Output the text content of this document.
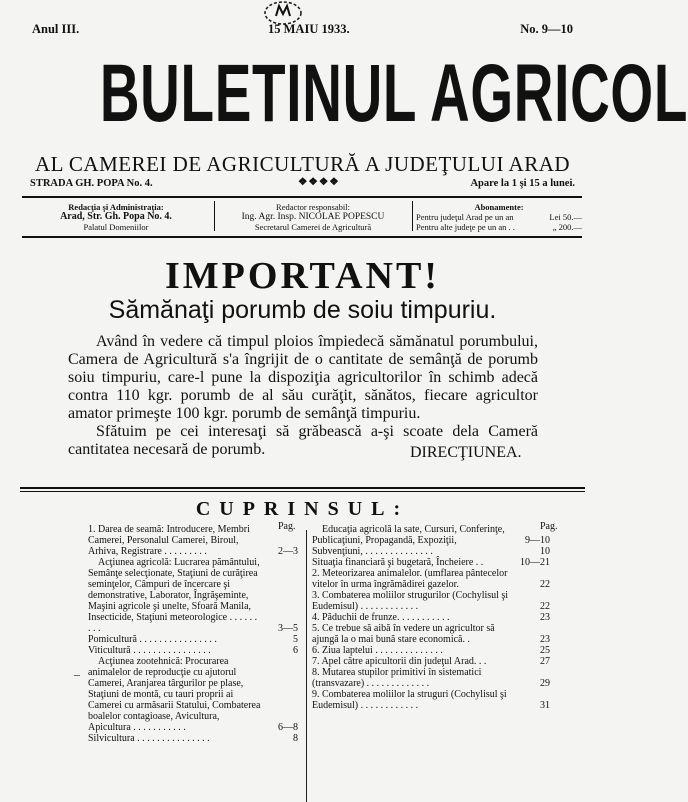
Anul III.	15 MAIU 1933.	No. 9—10
BULETINUL AGRICOL
AL CAMEREI DE AGRICULTURĂ A JUDEŢULUI ARAD
STRADA GH. POPA No. 4.	❖❖❖❖	Apare la 1 şi 15 a lunei.
Redacţia şi Administraţia:
Arad, Str. Gh. Popa No. 4.
Palatul Domeniilor
Redactor responsabil:
Ing. Agr. Insp. NICOLAE POPESCU
Secretarul Camerei de Agricultură
Abonamente:
Pentru judeţul Arad pe un an	Lei 50.—
Pentru alte judeţe pe un an . .	„ 200.—
IMPORTANT!
Sămănaţi porumb de soiu timpuriu.

Având în vedere că timpul ploios împiedecă sămănatul porumbului, Camera de Agricultură s'a îngrijit de o cantitate de semânţă de porumb soiu timpuriu, care-l pune la dispoziţia agricultorilor în schimb adecă contra 110 kgr. porumb de al său curăţit, sănătos, fiecare agricultor amator primeşte 100 kgr. porumb de semânţă timpuriu.

Sfătuim pe cei interesaţi să grăbească a-şi scoate dela Cameră cantitatea necesară de porumb.	DIRECŢIUNEA.
CUPRINSUL:
Pag.	Pag.
–
1. Darea de seamă: Introducere, Membri Camerei, Personalul Camerei, Biroul, Arhiva, Registrare . . . . . . . . .	2—3
Acţiunea agricolă: Lucrarea pământului, Semânţe selecţionate, Staţiuni de curăţirea seminţelor, Câmpuri de încercare şi demonstrative, Laborator, Îngrăşeminte, Maşini agricole şi unelte, Sfoară Manila, Insecticide, Staţiuni meteorologice . . . . . . . . .	3—5
Pomicultură . . . . . . . . . . . . . . . .	5
Viticultură . . . . . . . . . . . . . . . .	6
Acţiunea zootehnică: Procurarea animalelor de reproducţie cu ajutorul Camerei, Aranjarea târgurilor pe plase, Staţiuni de montă, cu tauri proprii ai Camerei cu armăsarii Statului, Combaterea boalelor contagioase, Avicultura, Apicultura . . . . . . . . . . .	6—8
Silvicultura . . . . . . . . . . . . . . .	8
Educaţia agricolă la sate, Cursuri, Conferinţe, Publicaţiuni, Propagandă, Expoziţii,	9—10
Subvenţiuni, . . . . . . . . . . . . . .	10
Situaţia financiară şi bugetară, Încheiere . .	10—21
2. Meteorizarea animalelor. (umflarea pântecelor vitelor în urma îngrămădirei gazelor.	22
3. Combaterea moliilor strugurilor (Cochylisul şi Eudemisul) . . . . . . . . . . . .	22
4. Păduchii de frunze. . . . . . . . . . .	23
5. Ce trebue să aibă în vedere un agricultor să ajungă la o mai bună stare economică. .	23
6. Ziua laptelui . . . . . . . . . . . . . .	25
7. Apel către apicultorii din judeţul Arad. . .	27
8. Mutarea stupilor primitivi în sistematici (transvazare) . . . . . . . . . . . . .	29
9. Combaterea moliilor la struguri (Cochylisul şi Eudemisul) . . . . . . . . . . . .	31
